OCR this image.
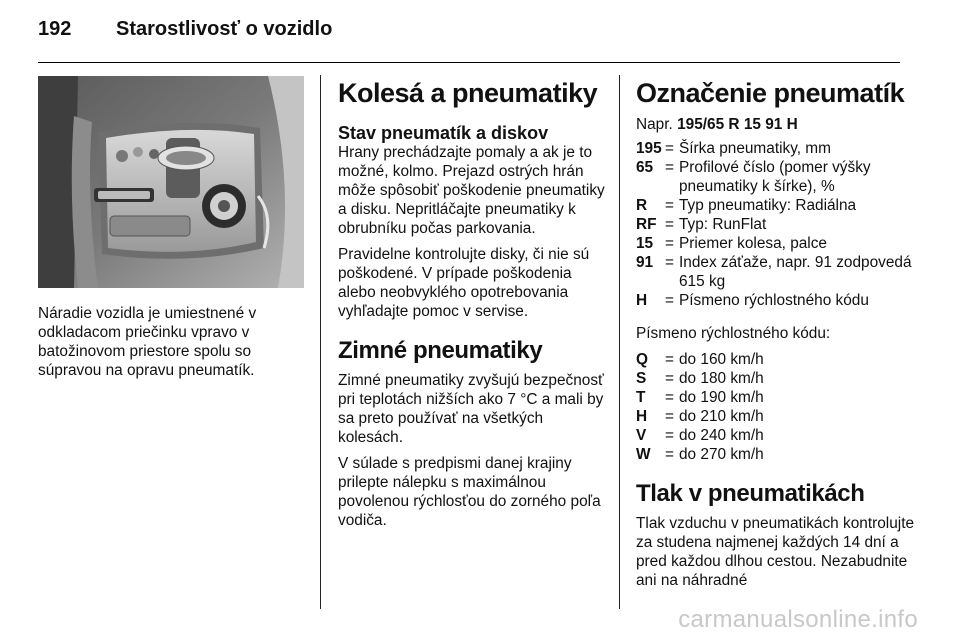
192	Starostlivosť o vozidlo
Náradie vozidla je umiestnené v odkladacom priečinku vpravo v batožinovom priestore spolu so súpravou na opravu pneumatík.
Kolesá a pneumatiky
Stav pneumatík a diskov

Hrany prechádzajte pomaly a ak je to možné, kolmo. Prejazd ostrých hrán môže spôsobiť poškodenie pneumatiky a disku. Nepritláčajte pneumatiky k obrubníku počas parkovania.

Pravidelne kontrolujte disky, či nie sú poškodené. V prípade poškodenia alebo neobvyklého opotrebovania vyhľadajte pomoc v servise.

Zimné pneumatiky

Zimné pneumatiky zvyšujú bezpečnosť pri teplotách nižších ako 7 °C a mali by sa preto používať na všetkých kolesách.

V súlade s predpismi danej krajiny prilepte nálepku s maximálnou povolenou rýchlosťou do zorného poľa vodiča.

Označenie pneumatík
Napr. 195/65 R 15 91 H
195 = Šírka pneumatiky, mm
65 = Profilové číslo (pomer výšky pneumatiky k šírke), %
R	= Typ pneumatiky: Radiálna
RF = Typ: RunFlat
15 = Priemer kolesa, palce
91 = Index záťaže, napr. 91 zodpovedá 615 kg
H	= Písmeno rýchlostného kódu

Písmeno rýchlostného kódu:

Q	= do 160 km/h
S	= do 180 km/h
T	= do 190 km/h
H	= do 210 km/h
V	= do 240 km/h
W = do 270 km/h
Tlak v pneumatikách

Tlak vzduchu v pneumatikách kontrolujte za studena najmenej každých 14 dní a pred každou dlhou cestou. Nezabudnite ani na náhradné

carmanualsonline.info
